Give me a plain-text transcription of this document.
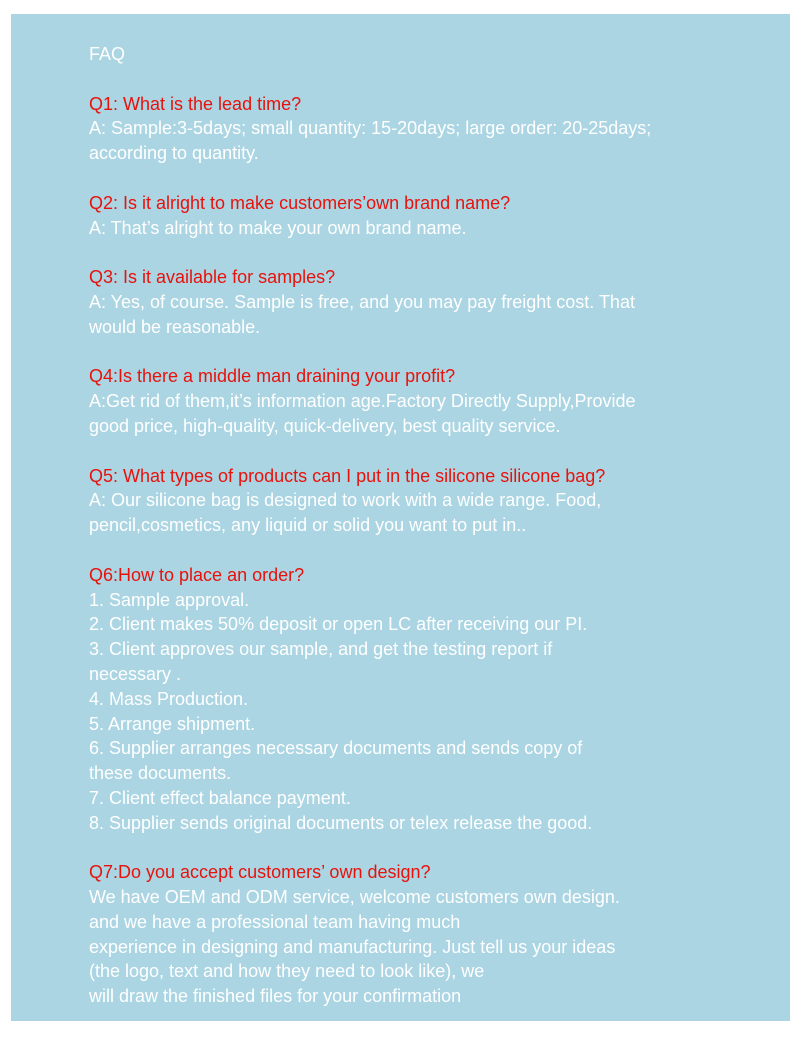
FAQ
Q1: What is the lead time?
A: Sample:3-5days; small quantity: 15-20days; large order: 20-25days;
according to quantity.
Q2: Is it alright to make customers’own brand name?
A: That’s alright to make your own brand name.
Q3: Is it available for samples?
A: Yes, of course. Sample is free, and you may pay freight cost. That
would be reasonable.
Q4:Is there a middle man draining your profit?
A:Get rid of them,it’s information age.Factory Directly Supply,Provide
good price, high-quality, quick-delivery, best quality service.
Q5: What types of products can I put in the silicone silicone bag?
A: Our silicone bag is designed to work with a wide range. Food,
pencil,cosmetics, any liquid or solid you want to put in..
Q6:How to place an order?
1. Sample approval.
2. Client makes 50% deposit or open LC after receiving our PI.
3. Client approves our sample, and get the testing report if
necessary .
4. Mass Production.
5. Arrange shipment.
6. Supplier arranges necessary documents and sends copy of
these documents.
7. Client effect balance payment.
8. Supplier sends original documents or telex release the good.
Q7:Do you accept customers’ own design?
We have OEM and ODM service, welcome customers own design.
and we have a professional team having much
experience in designing and manufacturing. Just tell us your ideas
(the logo, text and how they need to look like), we
will draw the finished files for your confirmation
